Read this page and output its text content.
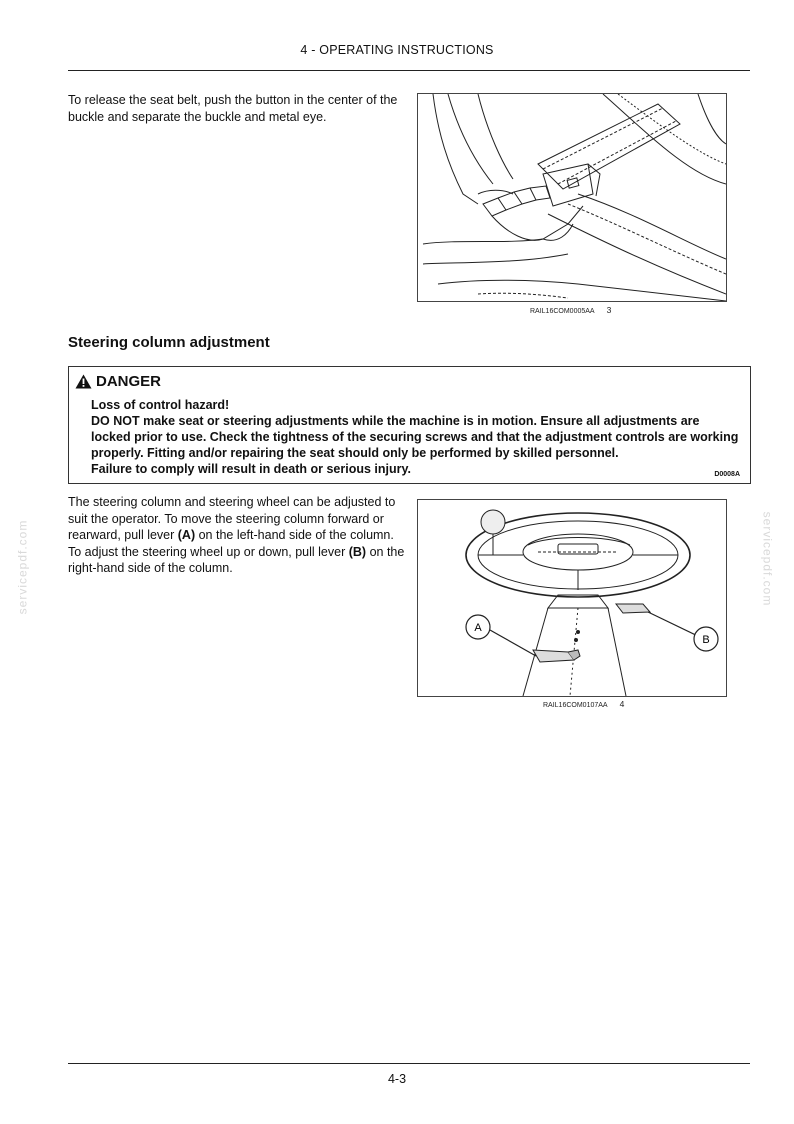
4 - OPERATING INSTRUCTIONS
To release the seat belt, push the button in the center of the buckle and separate the buckle and metal eye.
RAIL16COM0005AA 3
Steering column adjustment
DANGER
Loss of control hazard!
DO NOT make seat or steering adjustments while the machine is in motion. Ensure all adjustments are locked prior to use. Check the tightness of the securing screws and that the adjustment controls are working properly. Fitting and/or repairing the seat should only be performed by skilled personnel.
Failure to comply will result in death or serious injury.	D0008A
The steering column and steering wheel can be adjusted to suit the operator. To move the steering column forward or rearward, pull lever (A) on the left-hand side of the column. To adjust the steering wheel up or down, pull lever (B) on the right-hand side of the column.
A
B
RAIL16COM0107AA 4
servicepdf.com	servicepdf.com
4-3
